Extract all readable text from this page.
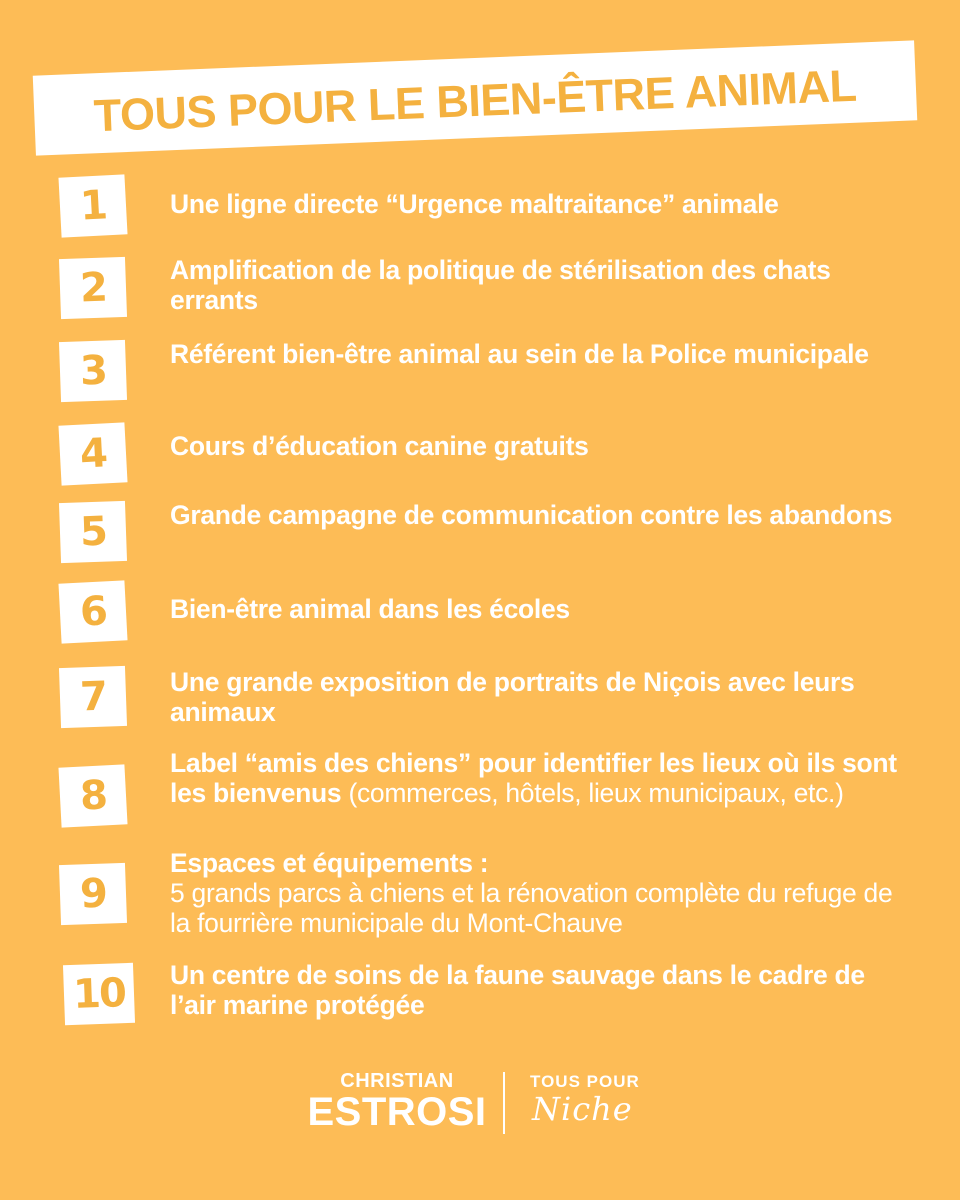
TOUS POUR LE BIEN-ÊTRE ANIMAL
1	Une ligne directe “Urgence maltraitance” animale
2	Amplification de la politique de stérilisation des chats errants
3	Référent bien-être animal au sein de la Police municipale
4	Cours d’éducation canine gratuits
5	Grande campagne de communication contre les abandons
6	Bien-être animal dans les écoles
7	Une grande exposition de portraits de Niçois avec leurs animaux
8
Label “amis des chiens” pour identifier les lieux où ils sont les bienvenus (commerces, hôtels, lieux municipaux, etc.)
9
Espaces et équipements :
5 grands parcs à chiens et la rénovation complète du refuge de la fourrière municipale du Mont-Chauve
10	Un centre de soins de la faune sauvage dans le cadre de l’air marine protégée
CHRISTIAN
ESTROSI
TOUS POUR
Niche
